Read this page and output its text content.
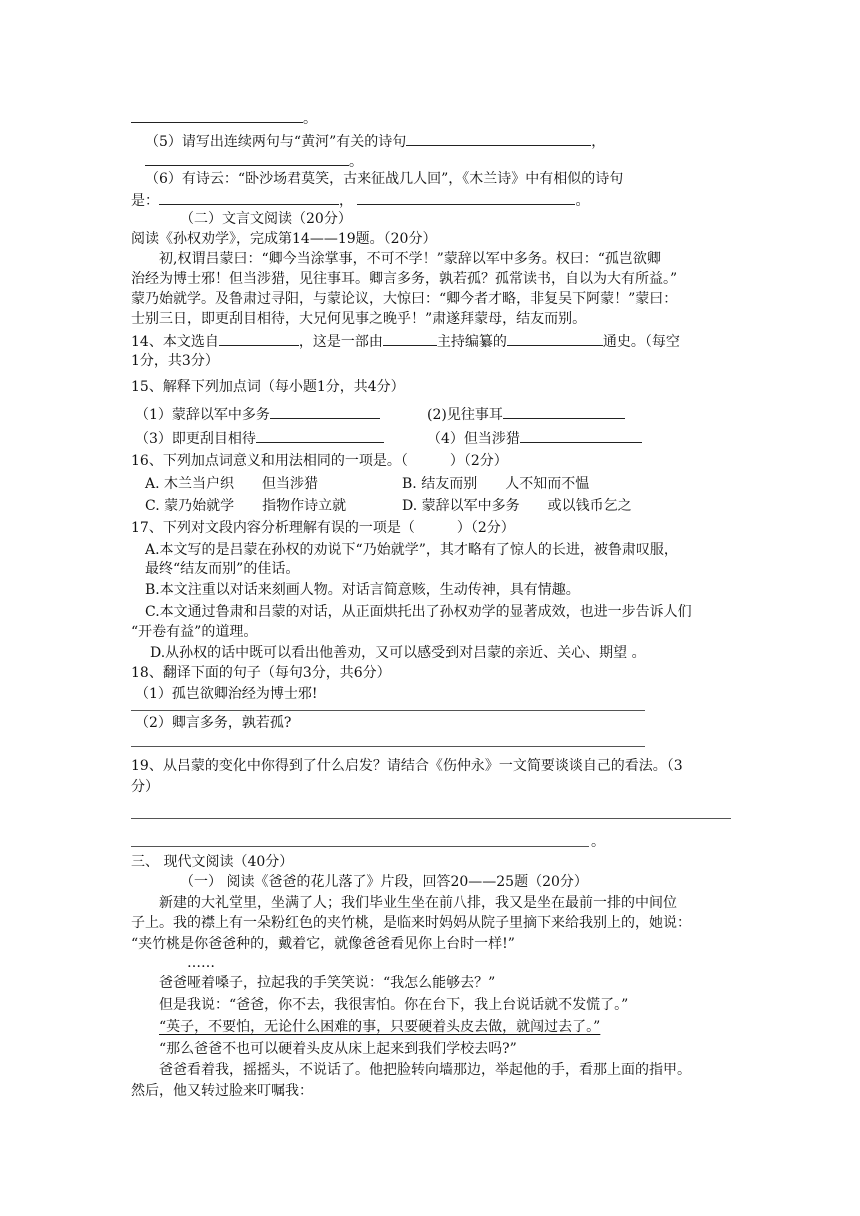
。
（5）请写出连续两句与“黄河”有关的诗句	，
。
（6）有诗云：“卧沙场君莫笑，古来征战几人回”，《木兰诗》中有相似的诗句
是：	，	。
（二）文言文阅读（20分）
阅读《孙权劝学》，完成第14——19题。（20分）
初,权谓吕蒙曰：“卿今当涂掌事，不可不学！”蒙辞以军中多务。权曰：“孤岂欲卿
治经为博士邪！但当涉猎，见往事耳。卿言多务，孰若孤？孤常读书，自以为大有所益。”
蒙乃始就学。及鲁肃过寻阳，与蒙论议，大惊曰：“卿今者才略，非复吴下阿蒙！”蒙曰：
士别三日，即更刮目相待，大兄何见事之晚乎！”肃遂拜蒙母，结友而别。
14、本文选自	，这是一部由	主持编纂的	通史。（每空
1分，共3分）
15、解释下列加点词（每小题1分，共4分）
（1）蒙辞以军中多务	(2)见往事耳
（3）即更刮目相待	（4）但当涉猎
16、下列加点词意义和用法相同的一项是。（　　　）（2分）
A. 木兰当户织　　但当涉猎	B. 结友而别　　人不知而不愠
C. 蒙乃始就学　　指物作诗立就	D. 蒙辞以军中多务　　或以钱币乞之
17、下列对文段内容分析理解有误的一项是（　　　）（2分）
A.本文写的是吕蒙在孙权的劝说下“乃始就学”，其才略有了惊人的长进，被鲁肃叹服，
最终“结友而别”的佳话。
B.本文注重以对话来刻画人物。对话言简意赅，生动传神，具有情趣。
C.本文通过鲁肃和吕蒙的对话，从正面烘托出了孙权劝学的显著成效，也进一步告诉人们
“开卷有益”的道理。
D.从孙权的话中既可以看出他善劝，又可以感受到对吕蒙的亲近、关心、期望 。
18、翻译下面的句子（每句3分，共6分）
（1）孤岂欲卿治经为博士邪!
（2）卿言多务，孰若孤?
19、从吕蒙的变化中你得到了什么启发？请结合《伤仲永》一文简要谈谈自己的看法。（3
分）
。
三、 现代文阅读（40分）
（一） 阅读《爸爸的花儿落了》片段，回答20——25题（20分）
新建的大礼堂里，坐满了人；我们毕业生坐在前八排，我又是坐在最前一排的中间位
子上。我的襟上有一朵粉红色的夹竹桃，是临来时妈妈从院子里摘下来给我别上的，她说：
“夹竹桃是你爸爸种的，戴着它，就像爸爸看见你上台时一样!”
……
爸爸哑着嗓子，拉起我的手笑笑说：“我怎么能够去？”
但是我说：“爸爸，你不去，我很害怕。你在台下，我上台说话就不发慌了。”
“英子，不要怕，无论什么困难的事，只要硬着头皮去做，就闯过去了。”
“那么爸爸不也可以硬着头皮从床上起来到我们学校去吗?”
爸爸看着我，摇摇头，不说话了。他把脸转向墙那边，举起他的手，看那上面的指甲。
然后，他又转过脸来叮嘱我：
